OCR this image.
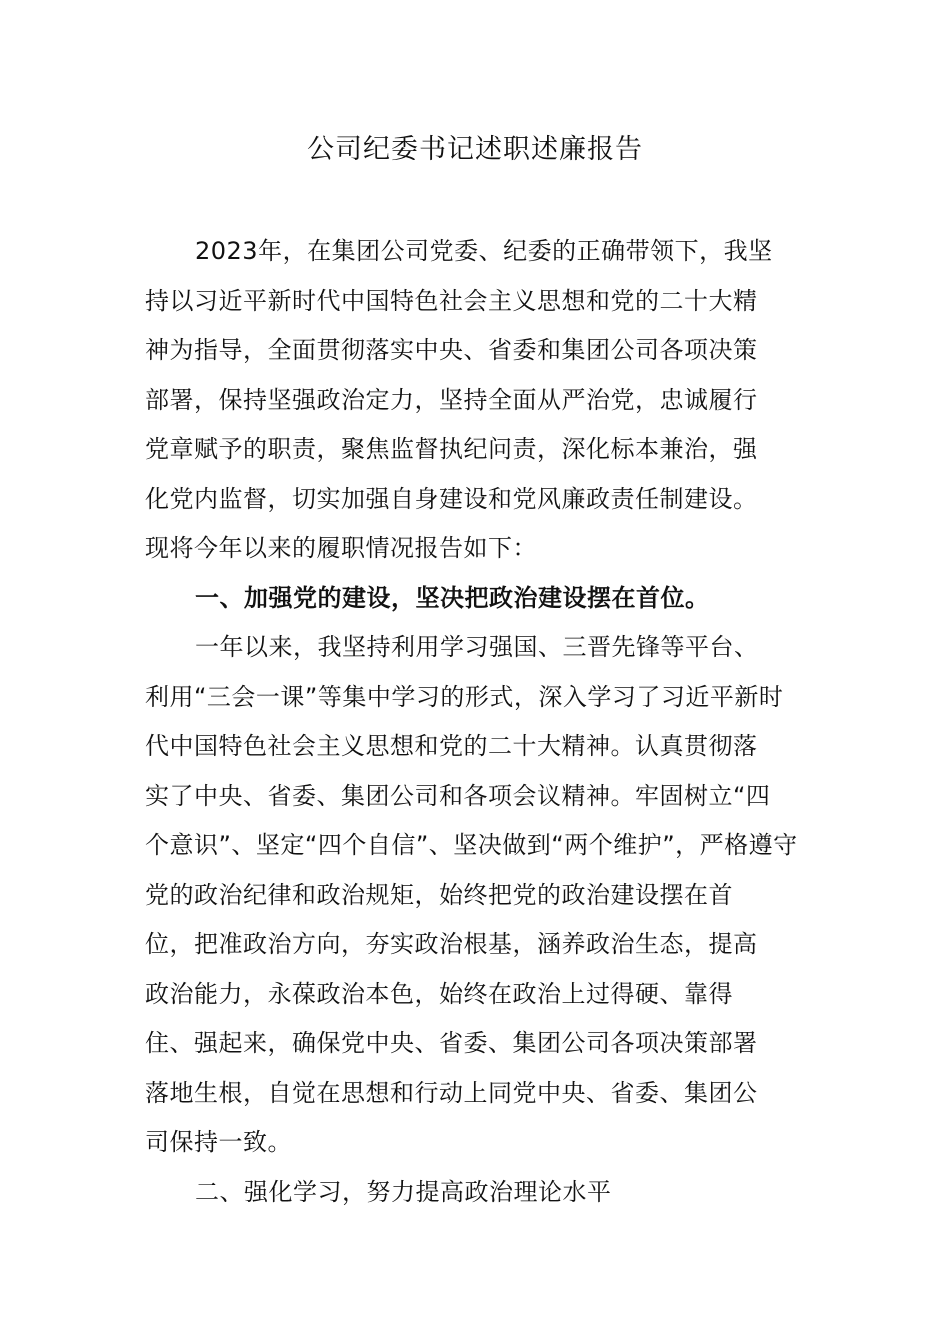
公司纪委书记述职述廉报告
2023年，在集团公司党委、纪委的正确带领下，我坚
持以习近平新时代中国特色社会主义思想和党的二十大精
神为指导，全面贯彻落实中央、省委和集团公司各项决策
部署，保持坚强政治定力，坚持全面从严治党，忠诚履行
党章赋予的职责，聚焦监督执纪问责，深化标本兼治，强
化党内监督，切实加强自身建设和党风廉政责任制建设。
现将今年以来的履职情况报告如下：
一、加强党的建设，坚决把政治建设摆在首位。
一年以来，我坚持利用学习强国、三晋先锋等平台、
利用“三会一课”等集中学习的形式，深入学习了习近平新时
代中国特色社会主义思想和党的二十大精神。认真贯彻落
实了中央、省委、集团公司和各项会议精神。牢固树立“四
个意识”、坚定“四个自信”、坚决做到“两个维护”，严格遵守
党的政治纪律和政治规矩，始终把党的政治建设摆在首
位，把准政治方向，夯实政治根基，涵养政治生态，提高
政治能力，永葆政治本色，始终在政治上过得硬、靠得
住、强起来，确保党中央、省委、集团公司各项决策部署
落地生根，自觉在思想和行动上同党中央、省委、集团公
司保持一致。
二、强化学习，努力提高政治理论水平
